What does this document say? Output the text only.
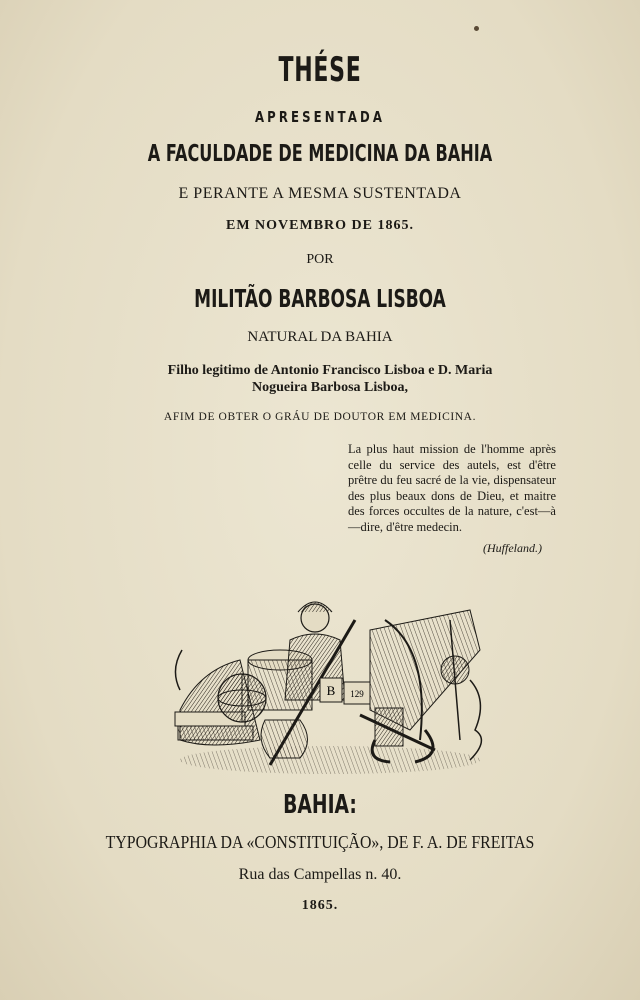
THÉSE
APRESENTADA
A FACULDADE DE MEDICINA DA BAHIA
E PERANTE A MESMA SUSTENTADA
EM NOVEMBRO DE 1865.
POR
MILITÃO BARBOSA LISBOA
NATURAL DA BAHIA
Filho legitimo de Antonio Francisco Lisboa e D. Maria
Nogueira Barbosa Lisboa,
AFIM DE OBTER O GRÁU DE DOUTOR EM MEDICINA.
La plus haut mission de l'homme après celle du service des autels, est d'être prêtre du feu sacré de la vie, dispensateur des plus beaux dons de Dieu, et maitre des forces occultes de la nature, c'est—à—dire, d'être medecin.
(Huffeland.)
B 129
BAHIA:
TYPOGRAPHIA DA «CONSTITUIÇÃO», DE F. A. DE FREITAS
Rua das Campellas n. 40.
1865.
